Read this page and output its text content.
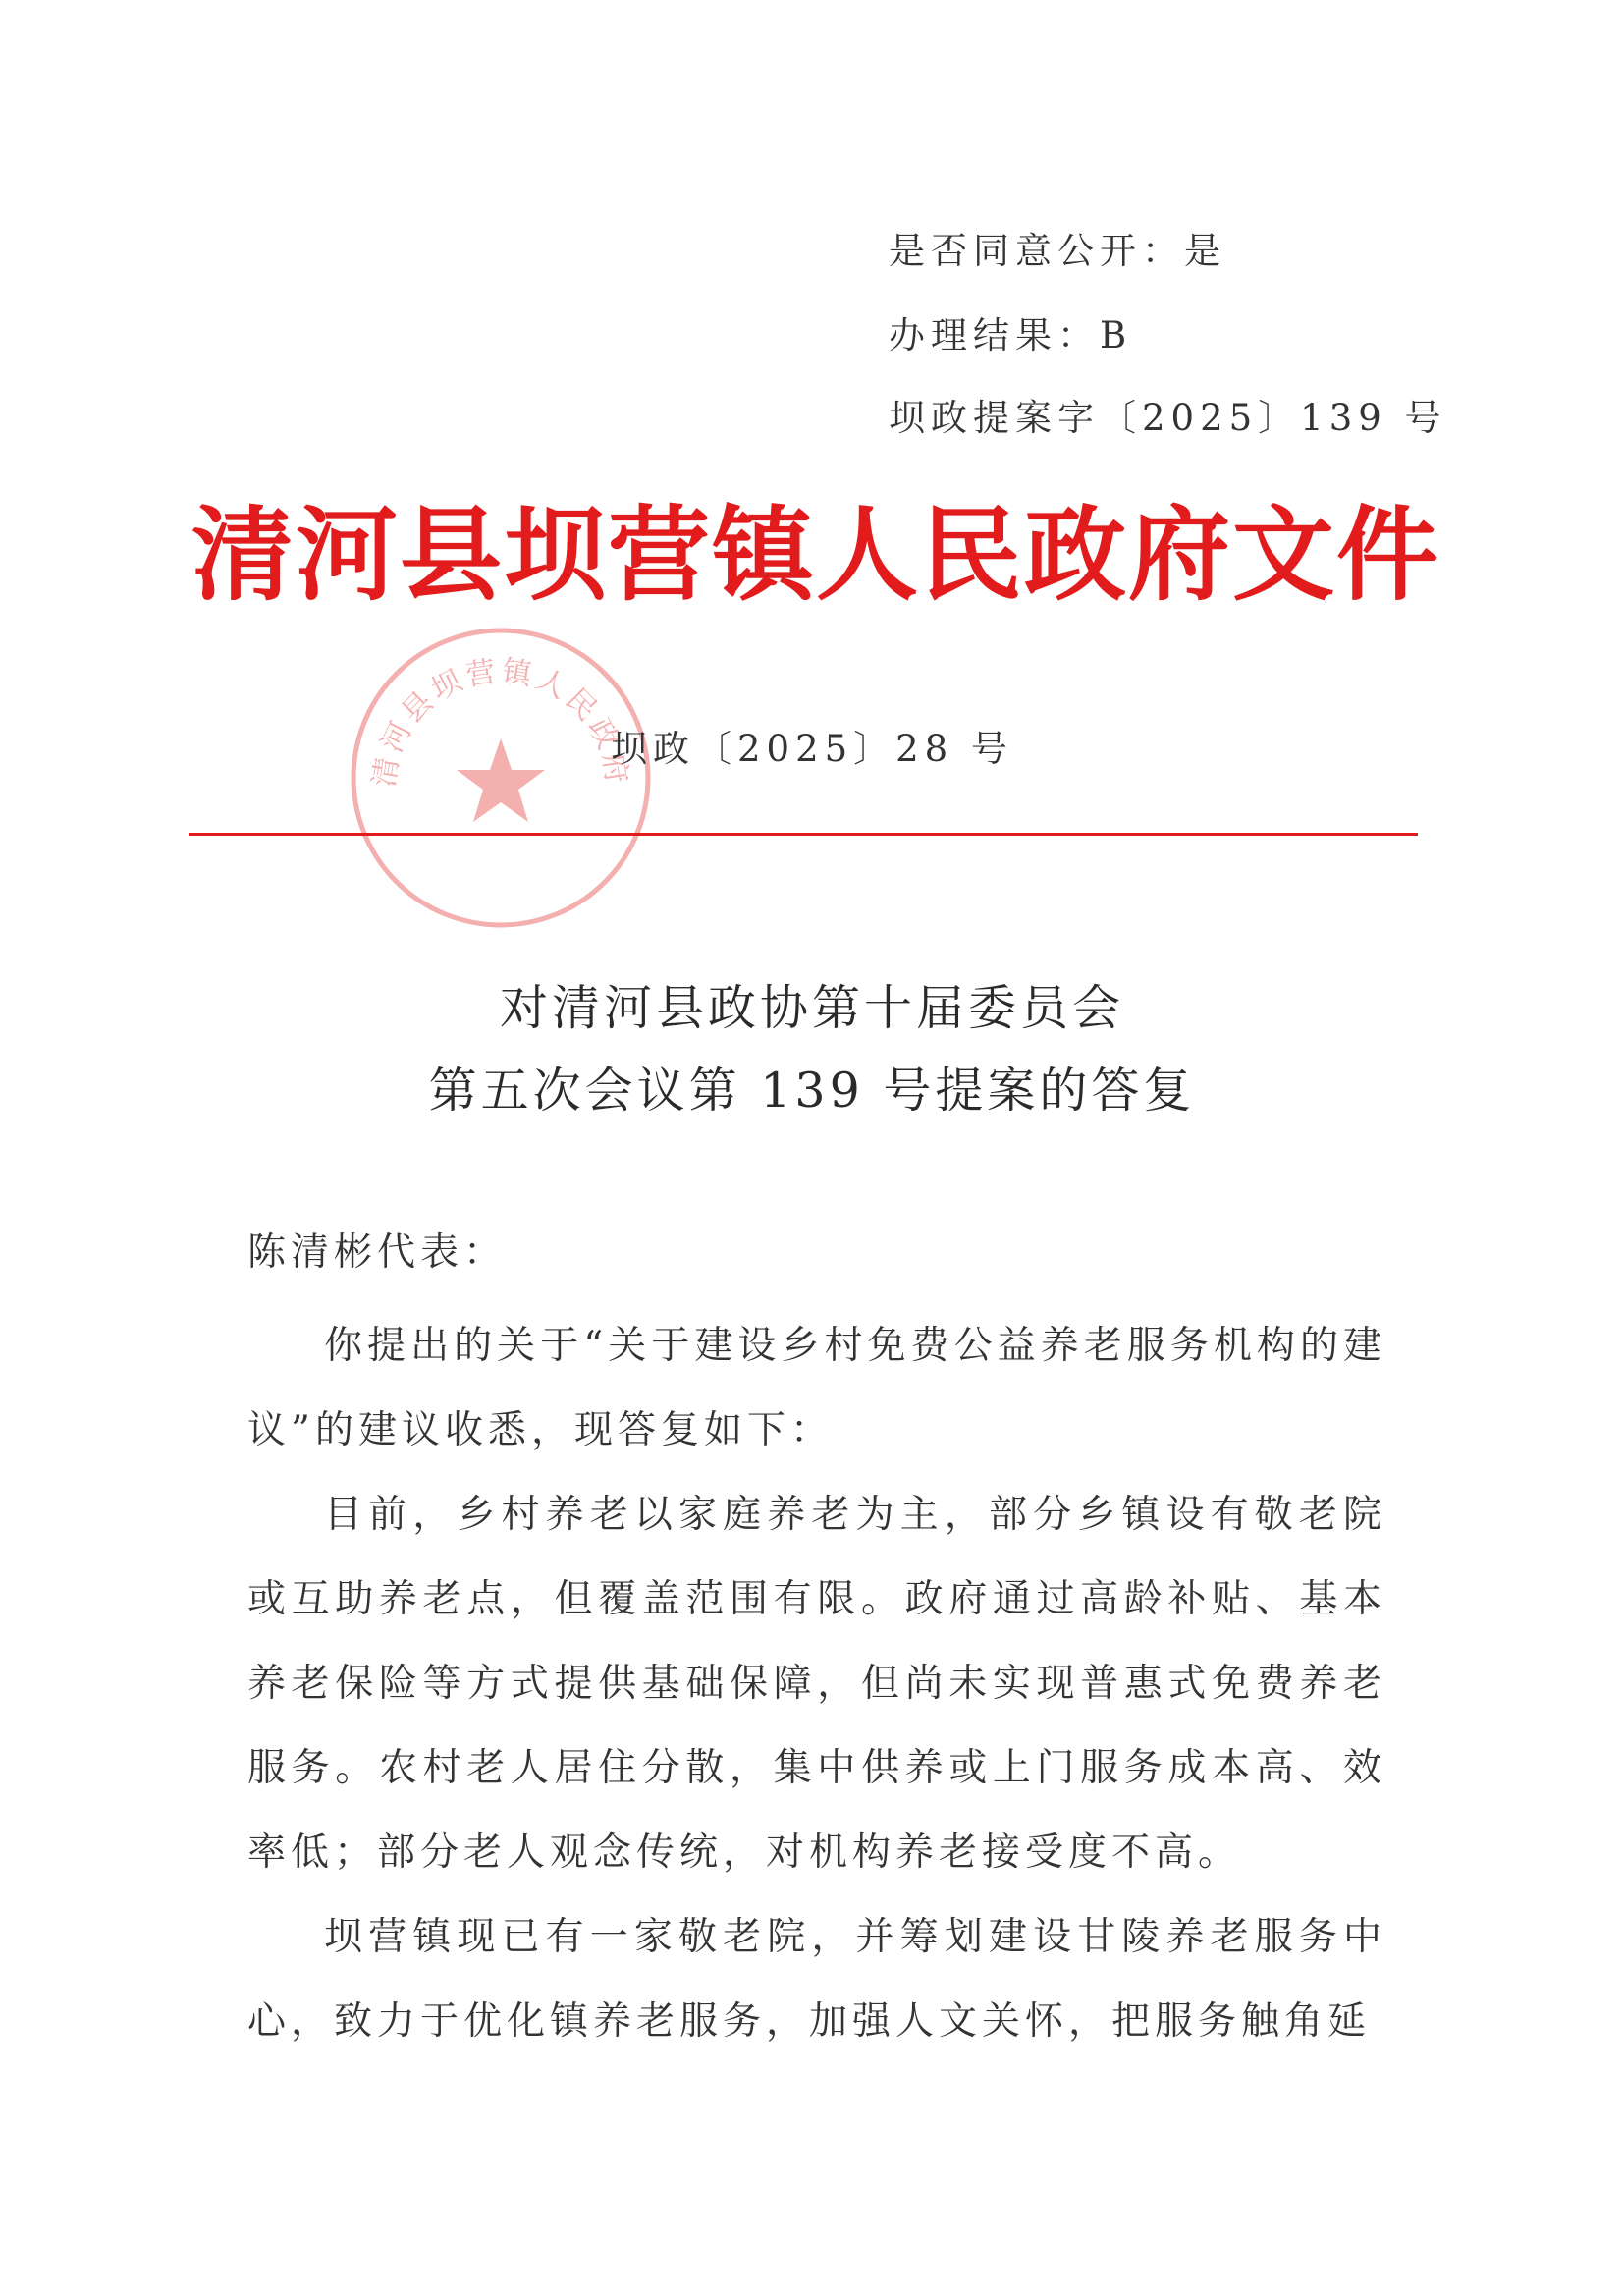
是否同意公开：是
办理结果：B
坝政提案字〔2025〕139 号
清河县坝营镇人民政府文件
清河县坝营镇人民政府
坝政〔2025〕28 号
对清河县政协第十届委员会
第五次会议第 139 号提案的答复
陈清彬代表：

你提出的关于“关于建设乡村免费公益养老服务机构的建议”的建议收悉，现答复如下：

目前，乡村养老以家庭养老为主，部分乡镇设有敬老院或互助养老点，但覆盖范围有限。政府通过高龄补贴、基本养老保险等方式提供基础保障，但尚未实现普惠式免费养老服务。农村老人居住分散，集中供养或上门服务成本高、效率低；部分老人观念传统，对机构养老接受度不高。

坝营镇现已有一家敬老院，并筹划建设甘陵养老服务中心，致力于优化镇养老服务，加强人文关怀，把服务触角延
